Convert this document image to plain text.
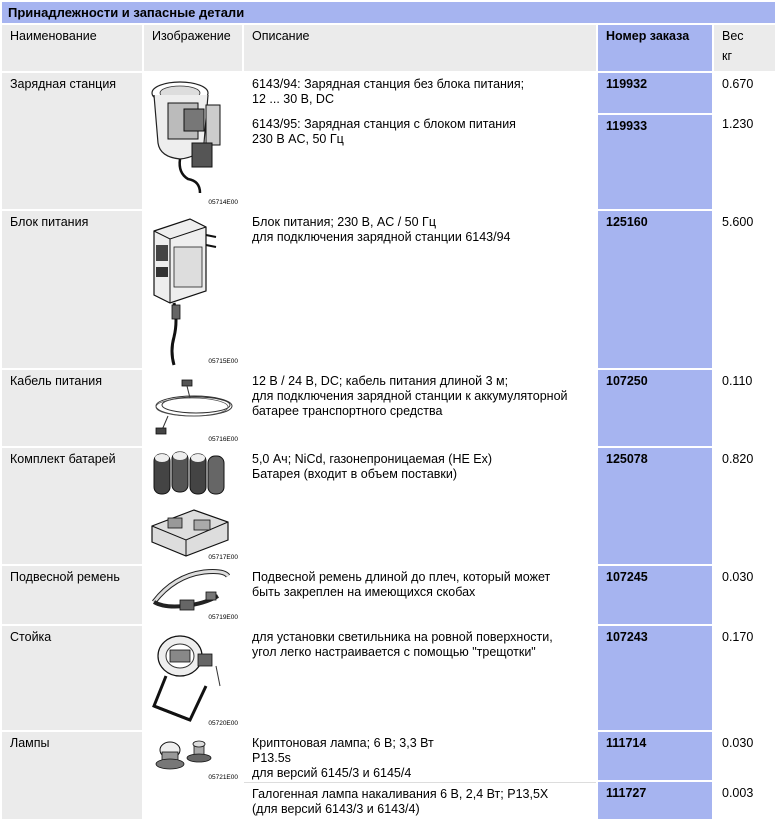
Принадлежности и запасные детали
Наименование	Изображение	Описание	Номер заказа	Вес
кг
Зарядная станция
05714E00
6143/94: Зарядная станция без блока питания;
12 ... 30 В, DC
119932	0.670
6143/95: Зарядная станция с блоком питания
230 В AC, 50 Гц
119933	1.230
Блок питания
05715E00
Блок питания; 230 В, AC / 50 Гц
для подключения зарядной станции 6143/94
125160	5.600
Кабель питания
05716E00
12 В / 24 В, DC; кабель питания длиной 3 м;
для подключения зарядной станции к аккумуляторной
батарее транспортного средства
107250	0.110
Комплект батарей
05717E00
5,0 Ач; NiCd, газонепроницаемая (НЕ Ex)
Батарея (входит в объем поставки)
125078	0.820
Подвесной ремень
05719E00
Подвесной ремень длиной до плеч, который может
быть закреплен на имеющихся скобах
107245	0.030
Стойка
05720E00
для установки светильника на ровной поверхности,
угол легко настраивается с помощью "трещотки"
107243	0.170
Лампы
05721E00
Криптоновая лампа; 6 В; 3,3 Вт
P13.5s
для версий 6145/3 и 6145/4
111714	0.030
Галогенная лампа накаливания 6 В, 2,4 Вт; P13,5X
(для версий 6143/3 и 6143/4)
111727	0.003
